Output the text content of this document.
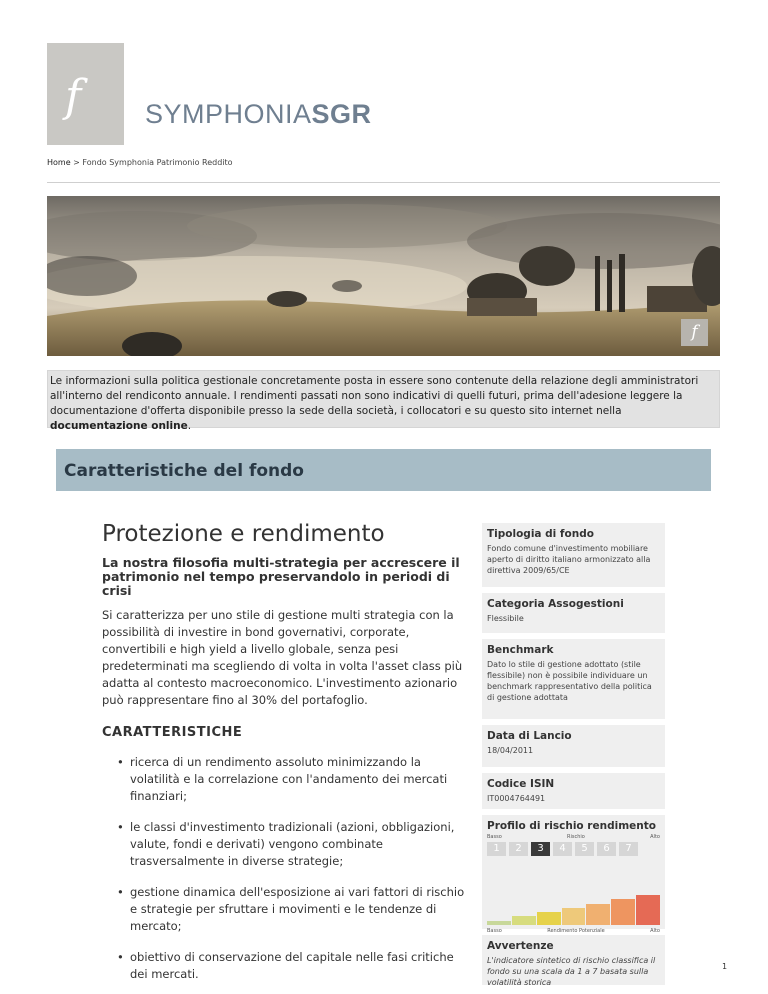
f SYMPHONIASGR
Home > Fondo Symphonia Patrimonio Reddito
f
Le informazioni sulla politica gestionale concretamente posta in essere sono contenute della relazione degli amministratori all'interno del rendiconto annuale. I rendimenti passati non sono indicativi di quelli futuri, prima dell'adesione leggere la documentazione d'offerta disponibile presso la sede della società, i collocatori e su questo sito internet nella documentazione online.
Caratteristiche del fondo
Protezione e rendimento
La nostra filosofia multi-strategia per accrescere il patrimonio nel tempo preservandolo in periodi di crisi

Si caratterizza per uno stile di gestione multi strategia con la possibilità di investire in bond governativi, corporate, convertibili e high yield a livello globale, senza pesi predeterminati ma scegliendo di volta in volta l'asset class più adatta al contesto macroeconomico. L'investimento azionario può rappresentare fino al 30% del portafoglio.

CARATTERISTICHE
• ricerca di un rendimento assoluto minimizzando la volatilità e la correlazione con l'andamento dei mercati finanziari;
• le classi d'investimento tradizionali (azioni, obbligazioni, valute, fondi e derivati) vengono combinate trasversalmente in diverse strategie;
• gestione dinamica dell'esposizione ai vari fattori di rischio e strategie per sfruttare i movimenti e le tendenze di mercato;
• obiettivo di conservazione del capitale nelle fasi critiche dei mercati.
Tipologia di fondo
Fondo comune d'investimento mobiliare aperto di diritto italiano armonizzato alla direttiva 2009/65/CE
Categoria Assogestioni
Flessibile
Benchmark
Dato lo stile di gestione adottato (stile flessibile) non è possibile individuare un benchmark rappresentativo della politica di gestione adottata
Data di Lancio
18/04/2011
Codice ISIN
IT0004764491
Profilo di rischio rendimento
Basso	Rischio	Alto
1	2	3	4	5	6	7
Basso	Rendimento Potenziale	Alto
Avvertenze
L'indicatore sintetico di rischio classifica il fondo su una scala da 1 a 7 basata sulla volatilità storica
1
